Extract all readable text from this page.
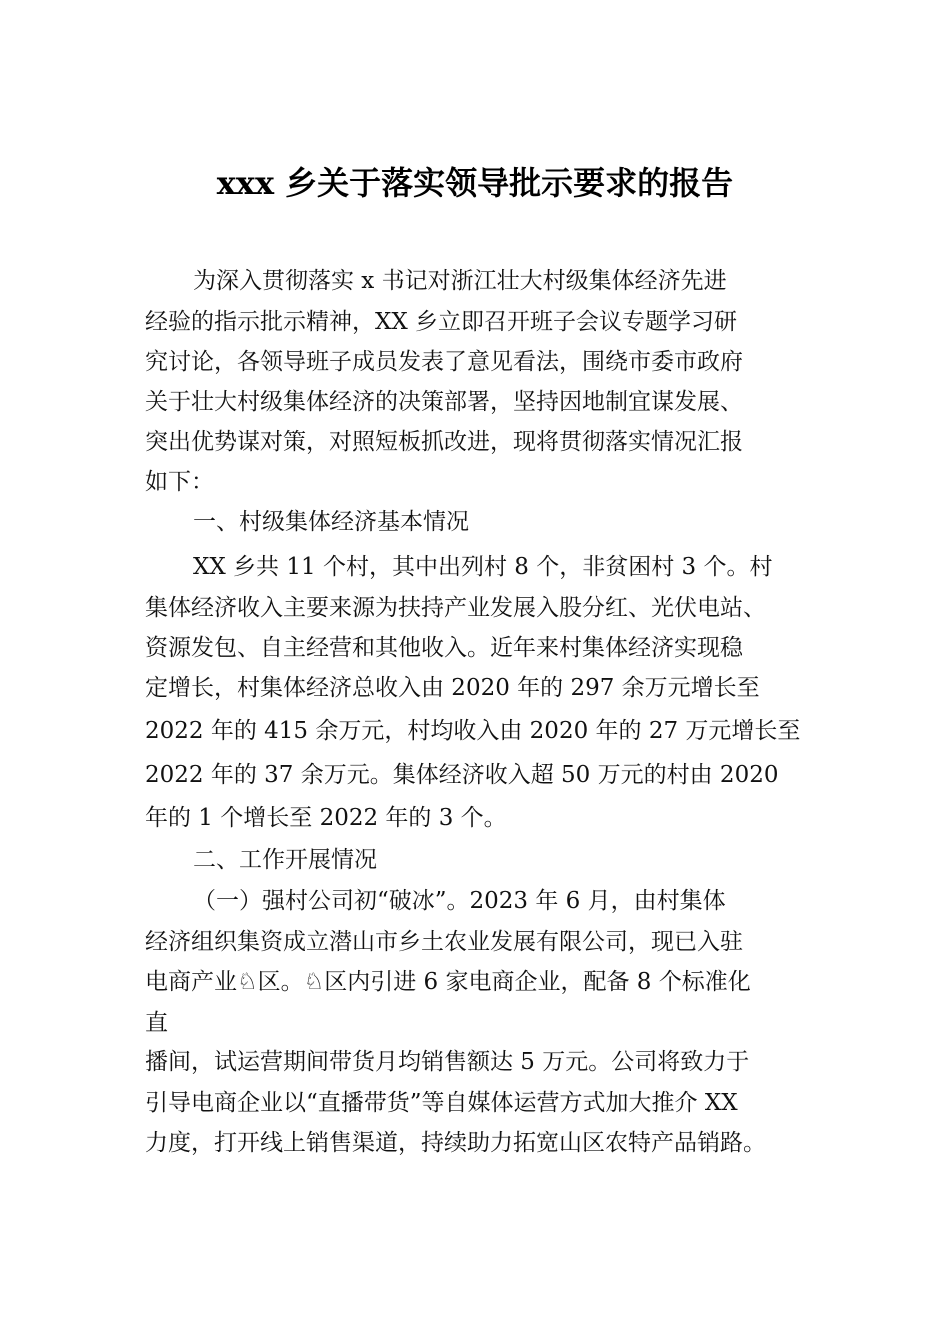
xxx 乡关于落实领导批示要求的报告
为深入贯彻落实 x 书记对浙江壮大村级集体经济先进
经验的指示批示精神，XX 乡立即召开班子会议专题学习研
究讨论，各领导班子成员发表了意见看法，围绕市委市政府
关于壮大村级集体经济的决策部署，坚持因地制宜谋发展、
突出优势谋对策，对照短板抓改进，现将贯彻落实情况汇报
如下：
一、村级集体经济基本情况
XX 乡共 11 个村，其中出列村 8 个，非贫困村 3 个。村
集体经济收入主要来源为扶持产业发展入股分红、光伏电站、
资源发包、自主经营和其他收入。近年来村集体经济实现稳
定增长，村集体经济总收入由 2020 年的 297 余万元增长至
2022 年的 415 余万元，村均收入由 2020 年的 27 万元增长至
2022 年的 37 余万元。集体经济收入超 50 万元的村由 2020
年的 1 个增长至 2022 年的 3 个。
二、工作开展情况
（一）强村公司初“破冰”。2023 年 6 月，由村集体
经济组织集资成立潜山市乡土农业发展有限公司，现已入驻
电商产业♘区。♘区内引进 6 家电商企业，配备 8 个标准化
直
播间，试运营期间带货月均销售额达 5 万元。公司将致力于
引导电商企业以“直播带货”等自媒体运营方式加大推介 XX
力度，打开线上销售渠道，持续助力拓宽山区农特产品销路。
